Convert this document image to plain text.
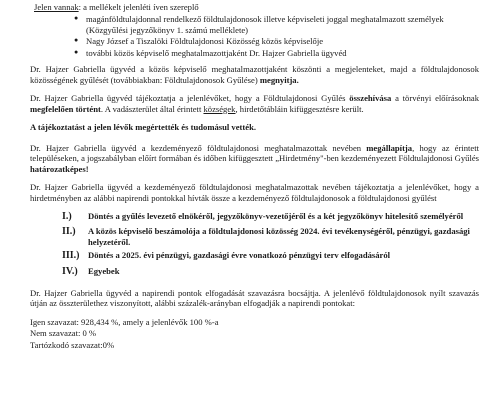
Jelen vannak: a mellékelt jelenléti íven szereplő

● magánföldtulajdonnal rendelkező földtulajdonosok illetve képviseleti joggal meghatalmazott személyek (Közgyűlési jegyzőkönyv 1. számú melléklete)
● Nagy József a Tiszalöki Földtulajdonosi Közösség közös képviselője
● további közös képviselő meghatalmazottjaként Dr. Hajzer Gabriella ügyvéd

Dr. Hajzer Gabriella ügyvéd a közös képviselő meghatalmazottjaként köszönti a megjelenteket, majd a földtulajdonosok közösségének gyűlését (továbbiakban: Földtulajdonosok Gyűlése) megnyitja.

Dr. Hajzer Gabriella ügyvéd tájékoztatja a jelenlévőket, hogy a Földtulajdonosi Gyűlés összehívása a törvényi előírásoknak megfelelően történt. A vadászterület által érintett községek, hirdetőtábláin kifüggesztésre került.

A tájékoztatást a jelen lévők megértették és tudomásul vették.

Dr. Hajzer Gabriella ügyvéd a kezdeményező földtulajdonosi meghatalmazottak nevében megállapítja, hogy az érintett településeken, a jogszabályban előírt formában és időben kifüggesztett „Hirdetmény"-ben kezdeményezett Földtulajdonosi Gyűlés határozatképes!

Dr. Hajzer Gabriella ügyvéd a kezdeményező földtulajdonosi meghatalmazottak nevében tájékoztatja a jelenlévőket, hogy a hirdetményben az alábbi napirendi pontokkal hívták össze a kezdeményező földtulajdonosok a földtulajdonosi gyűlést

I.)	Döntés a gyűlés levezető elnökéről, jegyzőkönyv-vezetőjéről és a két jegyzőkönyv hitelesítő személyéről
II.)	A közös képviselő beszámolója a földtulajdonosi közösség 2024. évi tevékenységéről, pénzügyi, gazdasági helyzetéről.
III.) Döntés a 2025. évi pénzügyi, gazdasági évre vonatkozó pénzügyi terv elfogadásáról
IV.)	Egyebek

Dr. Hajzer Gabriella ügyvéd a napirendi pontok elfogadását szavazásra bocsájtja. A jelenlévő földtulajdonosok nyílt szavazás útján az összterülethez viszonyított, alábbi százalék-arányban elfogadják a napirendi pontokat:

Igen szavazat: 928,434 %, amely a jelenlévők 100 %-a

Nem szavazat: 0 %

Tartózkodó szavazat:0%
